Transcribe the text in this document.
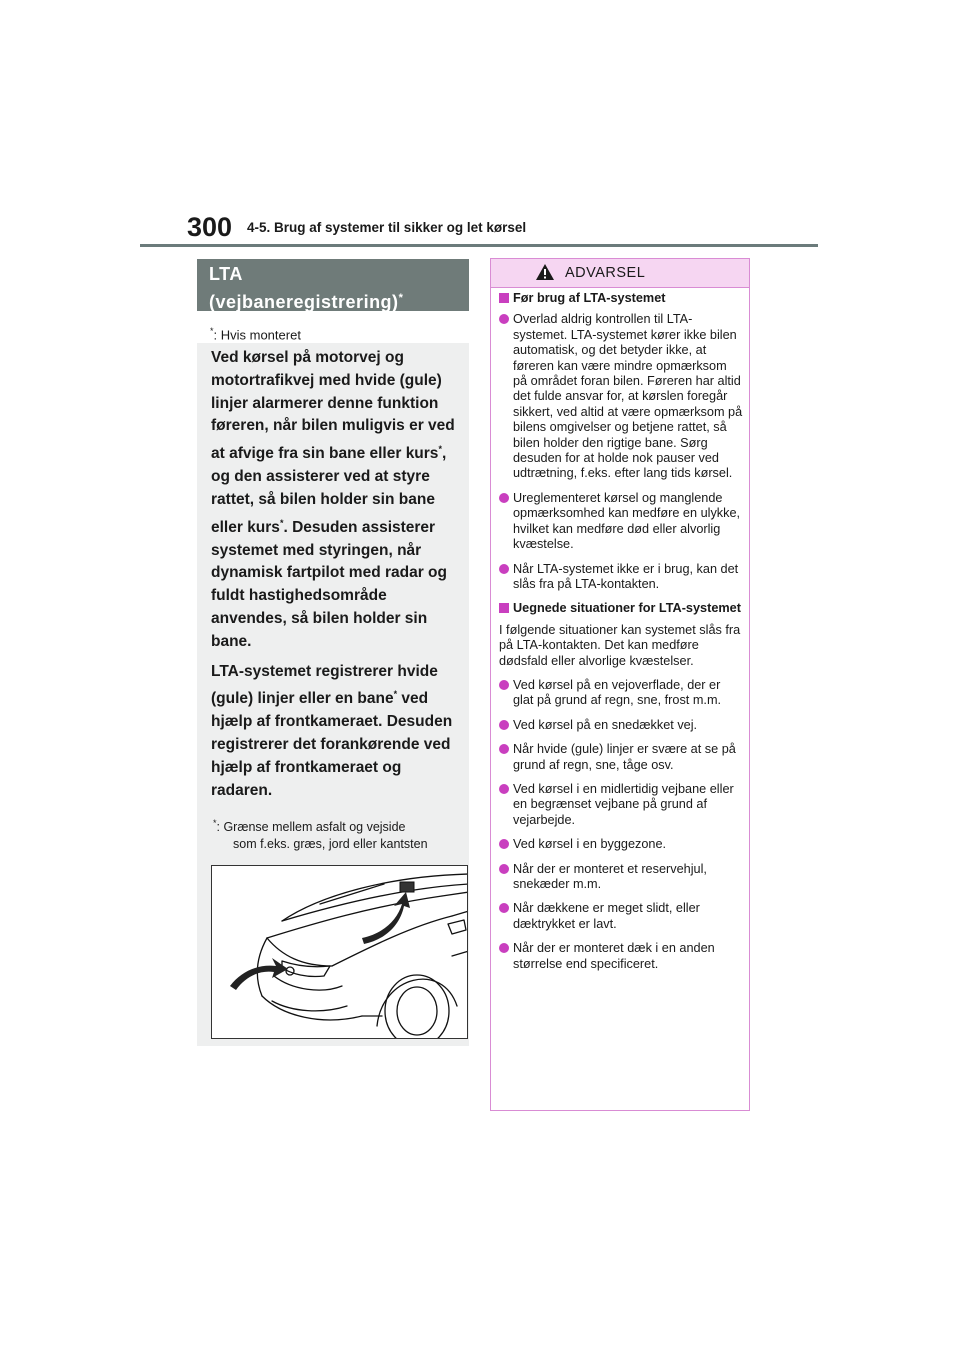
300 4-5. Brug af systemer til sikker og let kørsel
LTA
(vejbaneregistrering)*
*: Hvis monteret

Ved kørsel på motorvej og motortrafikvej med hvide (gule) linjer alarmerer denne funktion føreren, når bilen muligvis er ved at afvige fra sin bane eller kurs*, og den assisterer ved at styre rattet, så bilen holder sin bane eller kurs*. Desuden assisterer systemet med styringen, når dynamisk fartpilot med radar og fuldt hastighedsområde anvendes, så bilen holder sin bane.

LTA-systemet registrerer hvide (gule) linjer eller en bane* ved hjælp af frontkameraet. Desuden registrerer det forankørende ved hjælp af frontkameraet og radaren.

*: Grænse mellem asfalt og vejside
som f.eks. græs, jord eller kantsten
ADVARSEL
Før brug af LTA-systemet
Overlad aldrig kontrollen til LTA-systemet. LTA-systemet kører ikke bilen automatisk, og det betyder ikke, at føreren kan være mindre opmærksom på området foran bilen. Føreren har altid det fulde ansvar for, at kørslen foregår sikkert, ved altid at være opmærksom på bilens omgivelser og betjene rattet, så bilen holder den rigtige bane. Sørg desuden for at holde nok pauser ved udtrætning, f.eks. efter lang tids kørsel.
Ureglementeret kørsel og manglende opmærksomhed kan medføre en ulykke, hvilket kan medføre død eller alvorlig kvæstelse.
Når LTA-systemet ikke er i brug, kan det slås fra på LTA-kontakten.
Uegnede situationer for LTA-systemet
I følgende situationer kan systemet slås fra på LTA-kontakten. Det kan medføre dødsfald eller alvorlige kvæstelser.
Ved kørsel på en vejoverflade, der er glat på grund af regn, sne, frost m.m.
Ved kørsel på en snedækket vej.
Når hvide (gule) linjer er svære at se på grund af regn, sne, tåge osv.
Ved kørsel i en midlertidig vejbane eller en begrænset vejbane på grund af vejarbejde.
Ved kørsel i en byggezone.
Når der er monteret et reservehjul, snekæder m.m.
Når dækkene er meget slidt, eller dæktrykket er lavt.
Når der er monteret dæk i en anden størrelse end specificeret.
